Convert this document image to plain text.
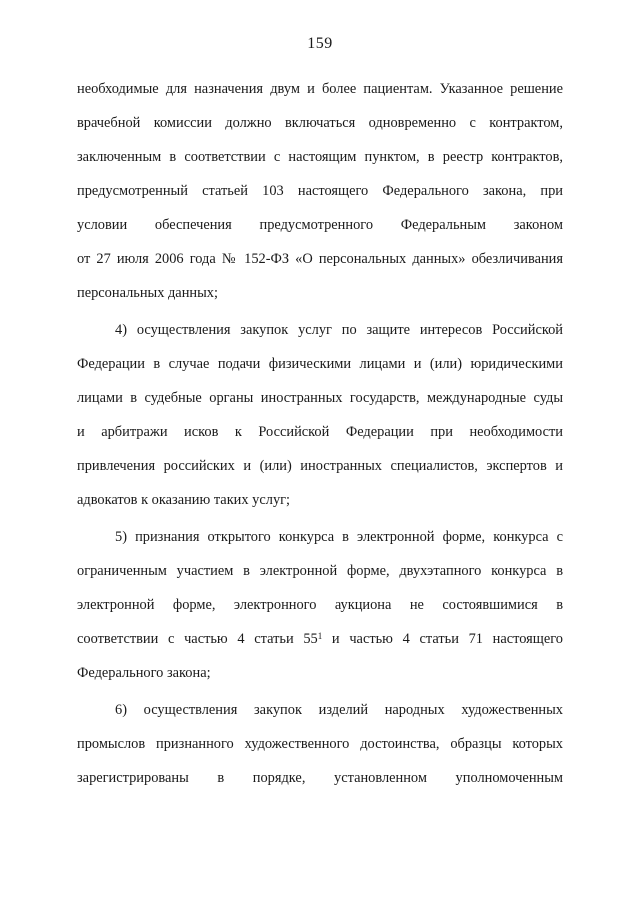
159
необходимые для назначения двум и более пациентам. Указанное решение
врачебной комиссии должно включаться одновременно с контрактом,
заключенным в соответствии с настоящим пунктом, в реестр контрактов,
предусмотренный статьей 103 настоящего Федерального закона, при
условии обеспечения предусмотренного Федеральным законом
от 27 июля 2006 года № 152-ФЗ «О персональных данных» обезличивания
персональных данных;
4) осуществления закупок услуг по защите интересов Российской
Федерации в случае подачи физическими лицами и (или) юридическими
лицами в судебные органы иностранных государств, международные суды
и арбитражи исков к Российской Федерации при необходимости
привлечения российских и (или) иностранных специалистов, экспертов и
адвокатов к оказанию таких услуг;
5) признания открытого конкурса в электронной форме, конкурса с
ограниченным участием в электронной форме, двухэтапного конкурса в
электронной форме, электронного аукциона не состоявшимися в
соответствии с частью 4 статьи $55^1$ и частью 4 статьи 71 настоящего
Федерального закона;
6) осуществления закупок изделий народных художественных
промыслов признанного художественного достоинства, образцы которых
зарегистрированы в порядке, установленном уполномоченным
